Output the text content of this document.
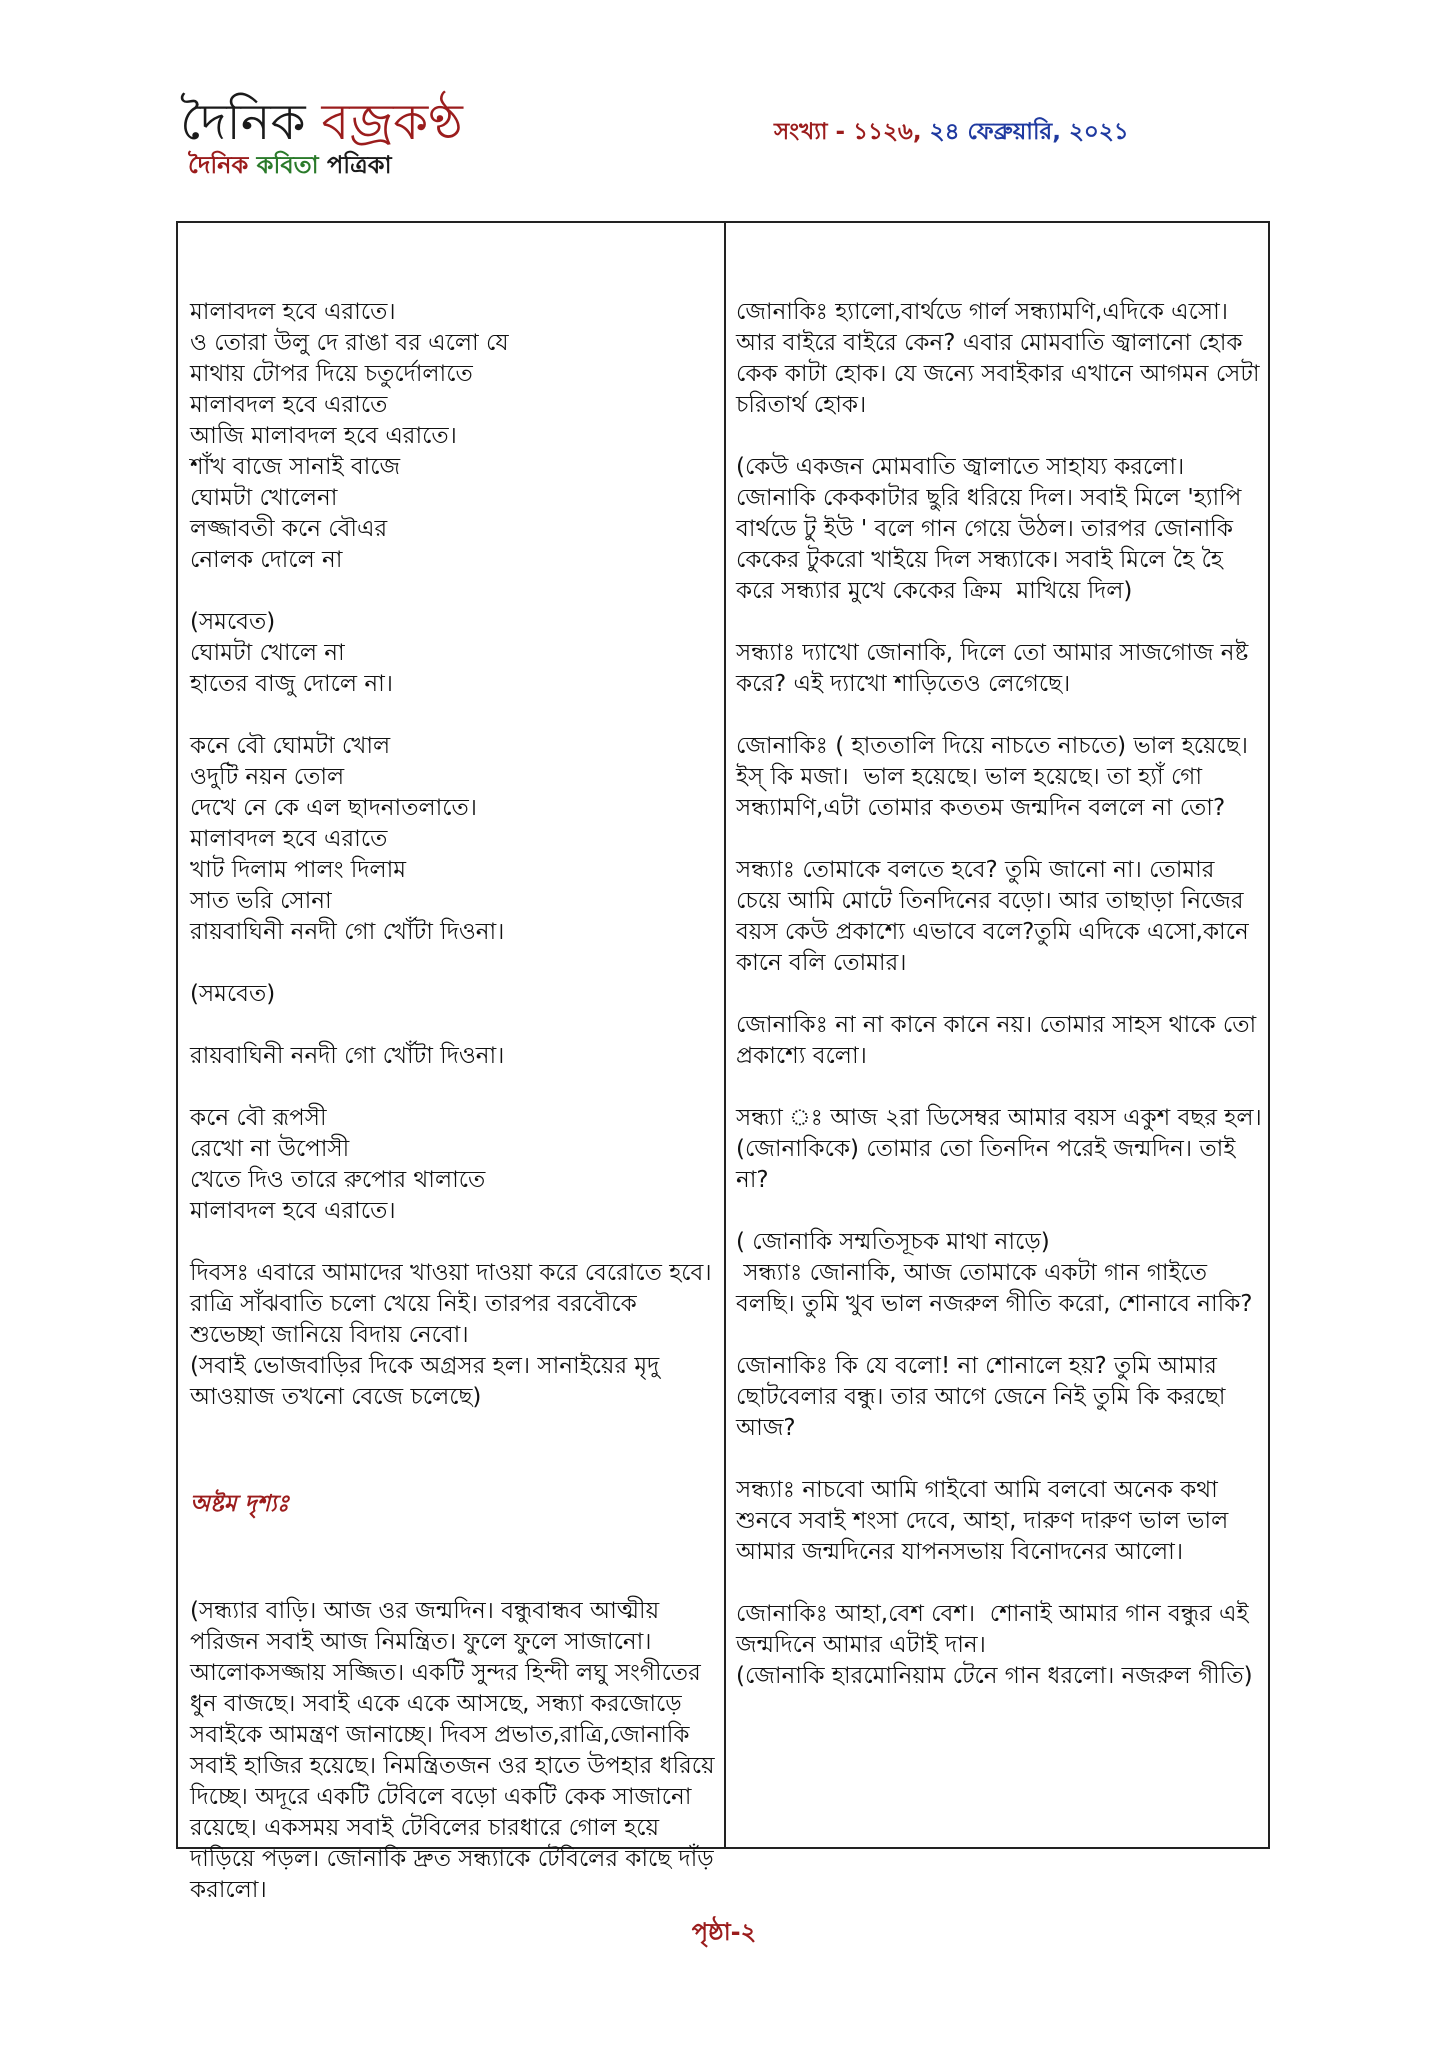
দৈনিক বজ্রকণ্ঠ
দৈনিক কবিতা পত্রিকা
সংখ্যা - ১১২৬, ২৪ ফেব্রুয়ারি, ২০২১

মালাবদল হবে এরাতে।
ও তোরা উলু দে রাঙা বর এলো যে
মাথায় টোপর দিয়ে চতুর্দোলাতে
মালাবদল হবে এরাতে
আজি মালাবদল হবে এরাতে।
শাঁখ বাজে সানাই বাজে
ঘোমটা খোলেনা
লজ্জাবতী কনে বৌএর
নোলক দোলে না

(সমবেত)
ঘোমটা খোলে না
হাতের বাজু দোলে না।

কনে বৌ ঘোমটা খোল
ওদুটি নয়ন তোল
দেখে নে কে এল ছাদনাতলাতে।
মালাবদল হবে এরাতে
খাট দিলাম পালং দিলাম
সাত ভরি সোনা
রায়বাঘিনী ননদী গো খোঁটা দিওনা।

(সমবেত)

রায়বাঘিনী ননদী গো খোঁটা দিওনা।

কনে বৌ রূপসী
রেখো না উপোসী
খেতে দিও তারে রুপোর থালাতে
মালাবদল হবে এরাতে।

দিবসঃ এবারে আমাদের খাওয়া দাওয়া করে বেরোতে হবে। রাত্রি সাঁঝবাতি চলো খেয়ে নিই। তারপর বরবৌকে শুভেচ্ছা জানিয়ে বিদায় নেবো।
(সবাই ভোজবাড়ির দিকে অগ্রসর হল। সানাইয়ের মৃদু আওয়াজ তখনো বেজে চলেছে)

অষ্টম দৃশ্যঃ

(সন্ধ্যার বাড়ি। আজ ওর জন্মদিন। বন্ধুবান্ধব আত্মীয় পরিজন সবাই আজ নিমন্ত্রিত। ফুলে ফুলে সাজানো। আলোকসজ্জায় সজ্জিত। একটি সুন্দর হিন্দী লঘু সংগীতের ধুন বাজছে। সবাই একে একে আসছে, সন্ধ্যা করজোড়ে সবাইকে আমন্ত্রণ জানাচ্ছে। দিবস প্রভাত,রাত্রি,জোনাকি সবাই হাজির হয়েছে। নিমন্ত্রিতজন ওর হাতে উপহার ধরিয়ে দিচ্ছে। অদূরে একটি টেবিলে বড়ো একটি কেক সাজানো রয়েছে। একসময় সবাই টেবিলের চারধারে গোল হয়ে দাড়িয়ে পড়ল। জোনাকি দ্রুত সন্ধ্যাকে টেবিলের কাছে দাঁড় করালো।

জোনাকিঃ হ্যালো,বার্থডে গার্ল সন্ধ্যামণি,এদিকে এসো। আর বাইরে বাইরে কেন? এবার মোমবাতি জ্বালানো হোক কেক কাটা হোক। যে জন্যে সবাইকার এখানে আগমন সেটা চরিতার্থ হোক।

(কেউ একজন মোমবাতি জ্বালাতে সাহায্য করলো। জোনাকি কেককাটার ছুরি ধরিয়ে দিল। সবাই মিলে 'হ্যাপি বার্থডে টু ইউ ' বলে গান গেয়ে উঠল। তারপর জোনাকি কেকের টুকরো খাইয়ে দিল সন্ধ্যাকে। সবাই মিলে হৈ হৈ করে সন্ধ্যার মুখে কেকের ক্রিম  মাখিয়ে দিল)

সন্ধ্যাঃ দ্যাখো জোনাকি, দিলে তো আমার সাজগোজ নষ্ট করে? এই দ্যাখো শাড়িতেও লেগেছে।

জোনাকিঃ ( হাততালি দিয়ে নাচতে নাচতে) ভাল হয়েছে। ইস্ কি মজা।  ভাল হয়েছে। ভাল হয়েছে। তা হ্যাঁ গো সন্ধ্যামণি,এটা তোমার কততম জন্মদিন বললে না তো?

সন্ধ্যাঃ তোমাকে বলতে হবে? তুমি জানো না। তোমার চেয়ে আমি মোটে তিনদিনের বড়ো। আর তাছাড়া নিজের বয়স কেউ প্রকাশ্যে এভাবে বলে?তুমি এদিকে এসো,কানে কানে বলি তোমার।

জোনাকিঃ না না কানে কানে নয়। তোমার সাহস থাকে তো প্রকাশ্যে বলো।

সন্ধ্যা ঃ আজ ২রা ডিসেম্বর আমার বয়স একুশ বছর হল। (জোনাকিকে) তোমার তো তিনদিন পরেই জন্মদিন। তাই না?

( জোনাকি সম্মতিসূচক মাথা নাড়ে)
সন্ধ্যাঃ জোনাকি, আজ তোমাকে একটা গান গাইতে বলছি। তুমি খুব ভাল নজরুল গীতি করো, শোনাবে নাকি?

জোনাকিঃ কি যে বলো! না শোনালে হয়? তুমি আমার ছোটবেলার বন্ধু। তার আগে জেনে নিই তুমি কি করছো আজ?

সন্ধ্যাঃ নাচবো আমি গাইবো আমি বলবো অনেক কথা শুনবে সবাই শংসা দেবে, আহা, দারুণ দারুণ ভাল ভাল আমার জন্মদিনের যাপনসভায় বিনোদনের আলো।

জোনাকিঃ আহা,বেশ বেশ।  শোনাই আমার গান বন্ধুর এই জন্মদিনে আমার এটাই দান।
(জোনাকি হারমোনিয়াম টেনে গান ধরলো। নজরুল গীতি)

পৃষ্ঠা-২
